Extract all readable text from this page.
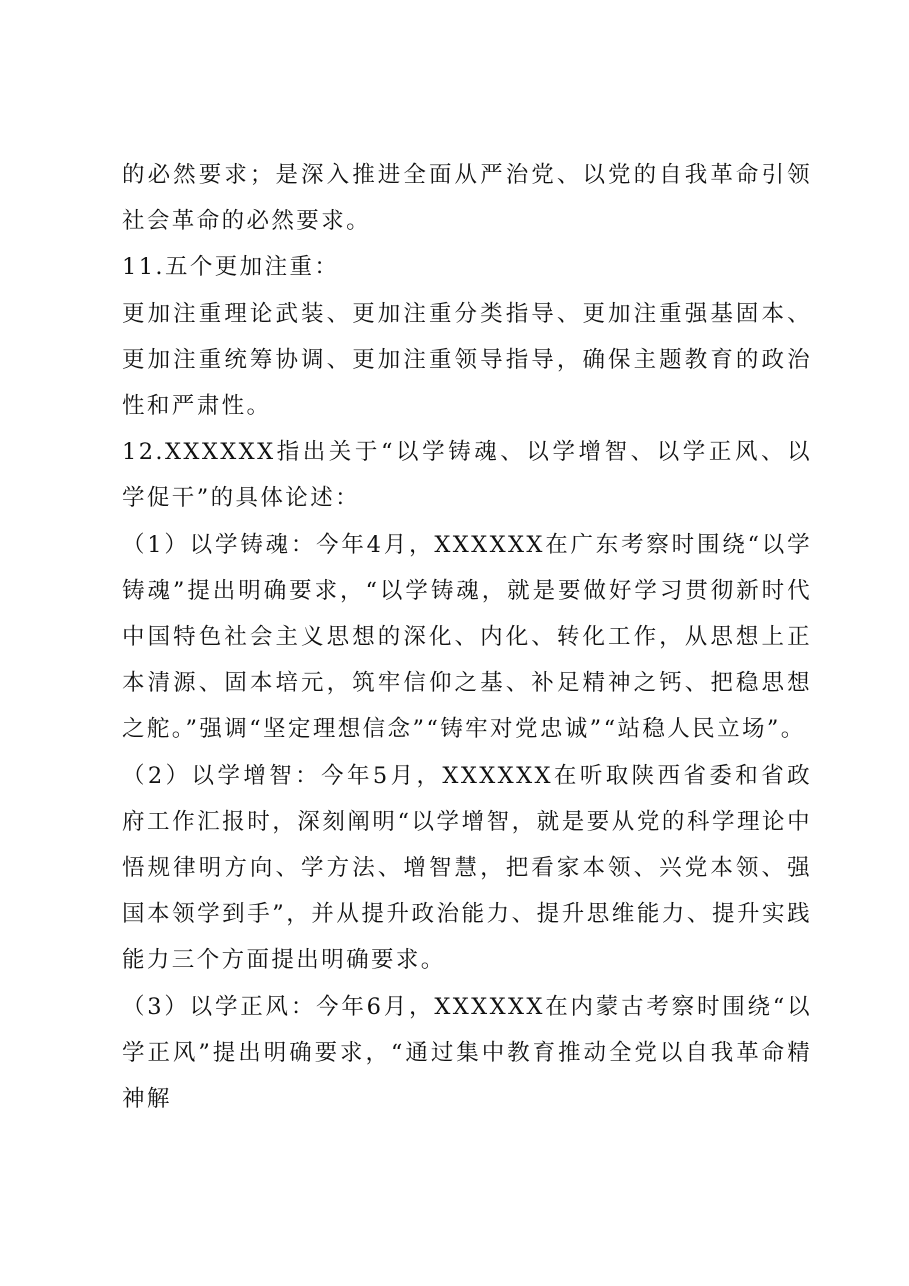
的必然要求；是深入推进全面从严治党、以党的自我革命引领社会革命的必然要求。

11.五个更加注重：

更加注重理论武装、更加注重分类指导、更加注重强基固本、更加注重统筹协调、更加注重领导指导，确保主题教育的政治性和严肃性。

12.XXXXXX指出关于“以学铸魂、以学增智、以学正风、以学促干”的具体论述：

（1）以学铸魂：今年4月，XXXXXX在广东考察时围绕“以学铸魂”提出明确要求，“以学铸魂，就是要做好学习贯彻新时代中国特色社会主义思想的深化、内化、转化工作，从思想上正本清源、固本培元，筑牢信仰之基、补足精神之钙、把稳思想之舵。”强调“坚定理想信念”“铸牢对党忠诚”“站稳人民立场”。

（2）以学增智：今年5月，XXXXXX在听取陕西省委和省政府工作汇报时，深刻阐明“以学增智，就是要从党的科学理论中悟规律明方向、学方法、增智慧，把看家本领、兴党本领、强国本领学到手”，并从提升政治能力、提升思维能力、提升实践能力三个方面提出明确要求。

（3）以学正风：今年6月，XXXXXX在内蒙古考察时围绕“以学正风”提出明确要求，“通过集中教育推动全党以自我革命精神解
